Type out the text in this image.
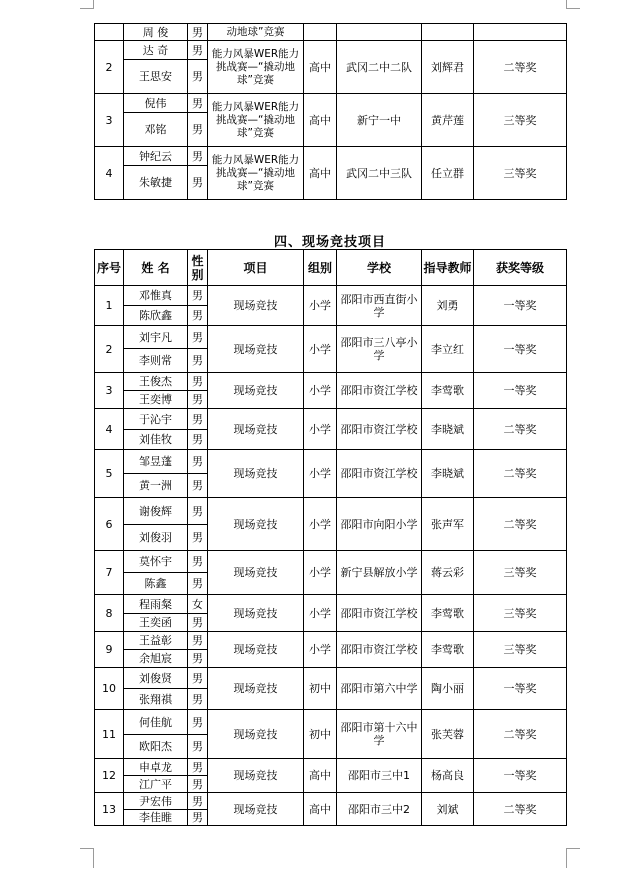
	周 俊	男	动地球”竞赛				
2	达 奇	男	能力风暴WER能力挑战赛—“撬动地球”竞赛	高中	武冈二中二队	刘辉君	二等奖
	王思安	男					
3	倪伟	男	能力风暴WER能力挑战赛—“撬动地球”竞赛	高中	新宁一中	黄芹莲	三等奖
	邓铭	男					
4	钟纪云	男	能力风暴WER能力挑战赛—“撬动地球”竞赛	高中	武冈二中三队	任立群	三等奖
	朱敏捷	男					
四、现场竞技项目
序号	姓 名	性别	项目	组别	学校	指导教师	获奖等级
1	邓惟真	男	现场竞技	小学	邵阳市西直街小学	刘勇	一等奖
	陈欣鑫	男					
2	刘宇凡	男	现场竞技	小学	邵阳市三八亭小学	李立红	一等奖
	李则常	男					
3	王俊杰	男	现场竞技	小学	邵阳市资江学校	李莺歌	一等奖
	王奕博	男					
4	于沁宇	男	现场竞技	小学	邵阳市资江学校	李晓斌	二等奖
	刘佳牧	男					
5	邹昱蓬	男	现场竞技	小学	邵阳市资江学校	李晓斌	二等奖
	黄一洲	男					
6	谢俊辉	男	现场竞技	小学	邵阳市向阳小学	张声军	二等奖
	刘俊羽	男					
7	莫怀宇	男	现场竞技	小学	新宁县解放小学	蒋云彩	三等奖
	陈鑫	男					
8	程雨粲	女	现场竞技	小学	邵阳市资江学校	李莺歌	三等奖
	王奕函	男					
9	王益彰	男	现场竞技	小学	邵阳市资江学校	李莺歌	三等奖
	余旭宸	男					
10	刘俊贤	男	现场竞技	初中	邵阳市第六中学	陶小丽	一等奖
	张翔祺	男					
11	何佳航	男	现场竞技	初中	邵阳市第十六中学	张芙蓉	二等奖
	欧阳杰	男					
12	申卓龙	男	现场竞技	高中	邵阳市三中1	杨高良	一等奖
	江广平	男					
13	尹宏伟	男	现场竞技	高中	邵阳市三中2	刘斌	二等奖
	李佳睢	男					
